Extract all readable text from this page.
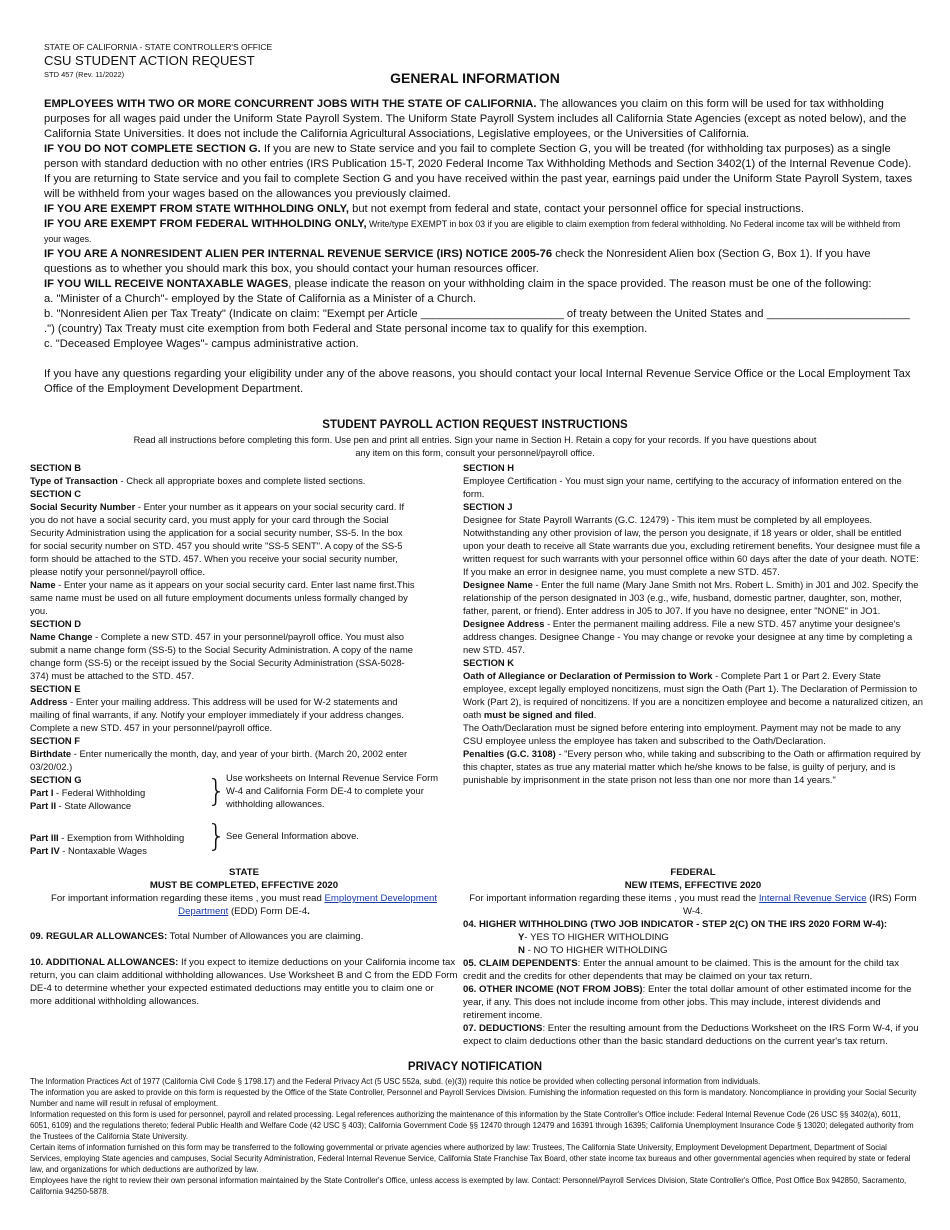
STATE OF CALIFORNIA - STATE CONTROLLER'S OFFICE
CSU STUDENT ACTION REQUEST
STD 457 (Rev. 11/2022)	GENERAL INFORMATION

EMPLOYEES WITH TWO OR MORE CONCURRENT JOBS WITH THE STATE OF CALIFORNIA. The allowances you claim on this form will be used for tax withholding purposes for all wages paid under the Uniform State Payroll System. The Uniform State Payroll System includes all California State Agencies (except as noted below), and the California State Universities. It does not include the California Agricultural Associations, Legislative employees, or the Universities of California.

IF YOU DO NOT COMPLETE SECTION G. If you are new to State service and you fail to complete Section G, you will be treated (for withholding tax purposes) as a single person with standard deduction with no other entries (IRS Publication 15-T, 2020 Federal Income Tax Withholding Methods and Section 3402(1) of the Internal Revenue Code).

If you are returning to State service and you fail to complete Section G and you have received within the past year, earnings paid under the Uniform State Payroll System, taxes will be withheld from your wages based on the allowances you previously claimed.

IF YOU ARE EXEMPT FROM STATE WITHHOLDING ONLY, but not exempt from federal and state, contact your personnel office for special instructions.

IF YOU ARE EXEMPT FROM FEDERAL WITHHOLDING ONLY, Write/type EXEMPT in box 03 if you are eligible to claim exemption from federal withholding. No Federal income tax will be withheld from your wages.

IF YOU ARE A NONRESIDENT ALIEN PER INTERNAL REVENUE SERVICE (IRS) NOTICE 2005-76 check the Nonresident Alien box (Section G, Box 1). If you have questions as to whether you should mark this box, you should contact your human resources officer.

IF YOU WILL RECEIVE NONTAXABLE WAGES, please indicate the reason on your withholding claim in the space provided. The reason must be one of the following:

a. "Minister of a Church"- employed by the State of California as a Minister of a Church.

b. "Nonresident Alien per Tax Treaty" (Indicate on claim: "Exempt per Article _______________________ of treaty between the United States and _______________________ .") (country) Tax Treaty must cite exemption from both Federal and State personal income tax to qualify for this exemption.

c. "Deceased Employee Wages"- campus administrative action.

If you have any questions regarding your eligibility under any of the above reasons, you should contact your local Internal Revenue Service Office or the Local Employment Tax Office of the Employment Development Department.

STUDENT PAYROLL ACTION REQUEST INSTRUCTIONS
Read all instructions before completing this form. Use pen and print all entries. Sign your name in Section H. Retain a copy for your records. If you have questions about any item on this form, consult your personnel/payroll office.

SECTION B

Type of Transaction - Check all appropriate boxes and complete listed sections.

SECTION C

Social Security Number - Enter your number as it appears on your social security card. If you do not have a social security card, you must apply for your card through the Social Security Administration using the application for a social security number, SS-5. In the box for social security number on STD. 457 you should write "SS-5 SENT". A copy of the SS-5 form should be attached to the STD. 457. When you receive your social security number, please notify your personnel/payroll office.

Name - Enter your name as it appears on your social security card. Enter last name first.This same name must be used on all future employment documents unless formally changed by you.

SECTION D

Name Change - Complete a new STD. 457 in your personnel/payroll office. You must also submit a name change form (SS-5) to the Social Security Administration. A copy of the name change form (SS-5) or the receipt issued by the Social Security Administration (SSA-5028-374) must be attached to the STD. 457.

SECTION E

Address - Enter your mailing address. This address will be used for W-2 statements and mailing of final warrants, if any. Notify your employer immediately if your address changes. Complete a new STD. 457 in your personnel/payroll office.

SECTION F

Birthdate - Enter numerically the month, day, and year of your birth. (March 20, 2002 enter 03/20/02.)

SECTION G

Part I - Federal Withholding

Part II - State Allowance	} Use worksheets on Internal Revenue Service Form W-4 and California Form DE-4 to complete your withholding allowances.

Part III - Exemption from Withholding

Part IV - Nontaxable Wages } See General Information above.

SECTION H

Employee Certification - You must sign your name, certifying to the accuracy of information entered on the form.

SECTION J

Designee for State Payroll Warrants (G.C. 12479) - This item must be completed by all employees. Notwithstanding any other provision of law, the person you designate, if 18 years or older, shall be entitled upon your death to receive all State warrants due you, excluding retirement benefits. Your designee must file a written request for such warrants with your personnel office within 60 days after the date of your death. NOTE: If you make an error in designee name, you must complete a new STD. 457.

Designee Name - Enter the full name (Mary Jane Smith not Mrs. Robert L. Smith) in J01 and J02. Specify the relationship of the person designated in J03 (e.g., wife, husband, domestic partner, daughter, son, mother, father, parent, or friend). Enter address in J05 to J07. If you have no designee, enter "NONE" in JO1.

Designee Address - Enter the permanent mailing address. File a new STD. 457 anytime your designee's address changes. Designee Change - You may change or revoke your designee at any time by completing a new STD. 457.

SECTION K

Oath of Allegiance or Declaration of Permission to Work - Complete Part 1 or Part 2. Every State employee, except legally employed noncitizens, must sign the Oath (Part 1). The Declaration of Permission to Work (Part 2), is required of noncitizens. If you are a noncitizen employee and become a naturalized citizen, an oath must be signed and filed.

The Oath/Declaration must be signed before entering into employment. Payment may not be made to any CSU employee unless the employee has taken and subscribed to the Oath/Declaration.

Penalties (G.C. 3108) - "Every person who, while taking and subscribing to the Oath or affirmation required by this chapter, states as true any material matter which he/she knows to be false, is guilty of perjury, and is punishable by imprisonment in the state prison not less than one nor more than 14 years."

STATE

MUST BE COMPLETED, EFFECTIVE 2020

For important information regarding these items , you must read Employment Development Department (EDD) Form DE-4.

09. REGULAR ALLOWANCES: Total Number of Allowances you are claiming.

10. ADDITIONAL ALLOWANCES: If you expect to itemize deductions on your California income tax return, you can claim additional withholding allowances. Use Worksheet B and C from the EDD Form DE-4 to determine whether your expected estimated deductions may entitle you to claim one or more additional withholding allowances.

FEDERAL

NEW ITEMS, EFFECTIVE 2020

For important information regarding these items , you must read the Internal Revenue Service (IRS) Form W-4.

04. HIGHER WITHHOLDING (TWO JOB INDICATOR - STEP 2(C) ON THE IRS 2020 FORM W-4):

Y- YES TO HIGHER WITHOLDING

N - NO TO HIGHER WITHOLDING

05. CLAIM DEPENDENTS: Enter the annual amount to be claimed. This is the amount for the child tax credit and the credits for other dependents that may be claimed on your tax return.

06. OTHER INCOME (NOT FROM JOBS): Enter the total dollar amount of other estimated income for the year, if any. This does not include income from other jobs. This may include, interest dividends and retirement income.

07. DEDUCTIONS: Enter the resulting amount from the Deductions Worksheet on the IRS Form W-4, if you expect to claim deductions other than the basic standard deductions on the current year's tax return.

PRIVACY NOTIFICATION

The Information Practices Act of 1977 (California Civil Code § 1798.17) and the Federal Privacy Act (5 USC 552a, subd. (e)(3)) require this notice be provided when collecting personal information from individuals.

The information you are asked to provide on this form is requested by the Office of the State Controller, Personnel and Payroll Services Division. Furnishing the information requested on this form is mandatory. Noncompliance in providing your Social Security Number and name will result in refusal of employment.

Information requested on this form is used for personnel, payroll and related processing. Legal references authorizing the maintenance of this information by the State Controller's Office include: Federal Internal Revenue Code (26 USC §§ 3402(a), 6011, 6051, 6109) and the regulations thereto; federal Public Health and Welfare Code (42 USC § 403); California Government Code §§ 12470 through 12479 and 16391 through 16395; California Unemployment Insurance Code § 13020; delegated authority from the Trustees of the California State University.

Certain items of information furnished on this form may be transferred to the following governmental or private agencies where authorized by law: Trustees, The California State University, Employment Development Department, Department of Social Services, employing State agencies and campuses, Social Security Administration, Federal Internal Revenue Service, California State Franchise Tax Board, other state income tax bureaus and other governmental agencies when required by state or federal law, and organizations for which deductions are authorized by law.

Employees have the right to review their own personal information maintained by the State Controller's Office, unless access is exempted by law. Contact: Personnel/Payroll Services Division, State Controller's Office, Post Office Box 942850, Sacramento, California 94250-5878.
